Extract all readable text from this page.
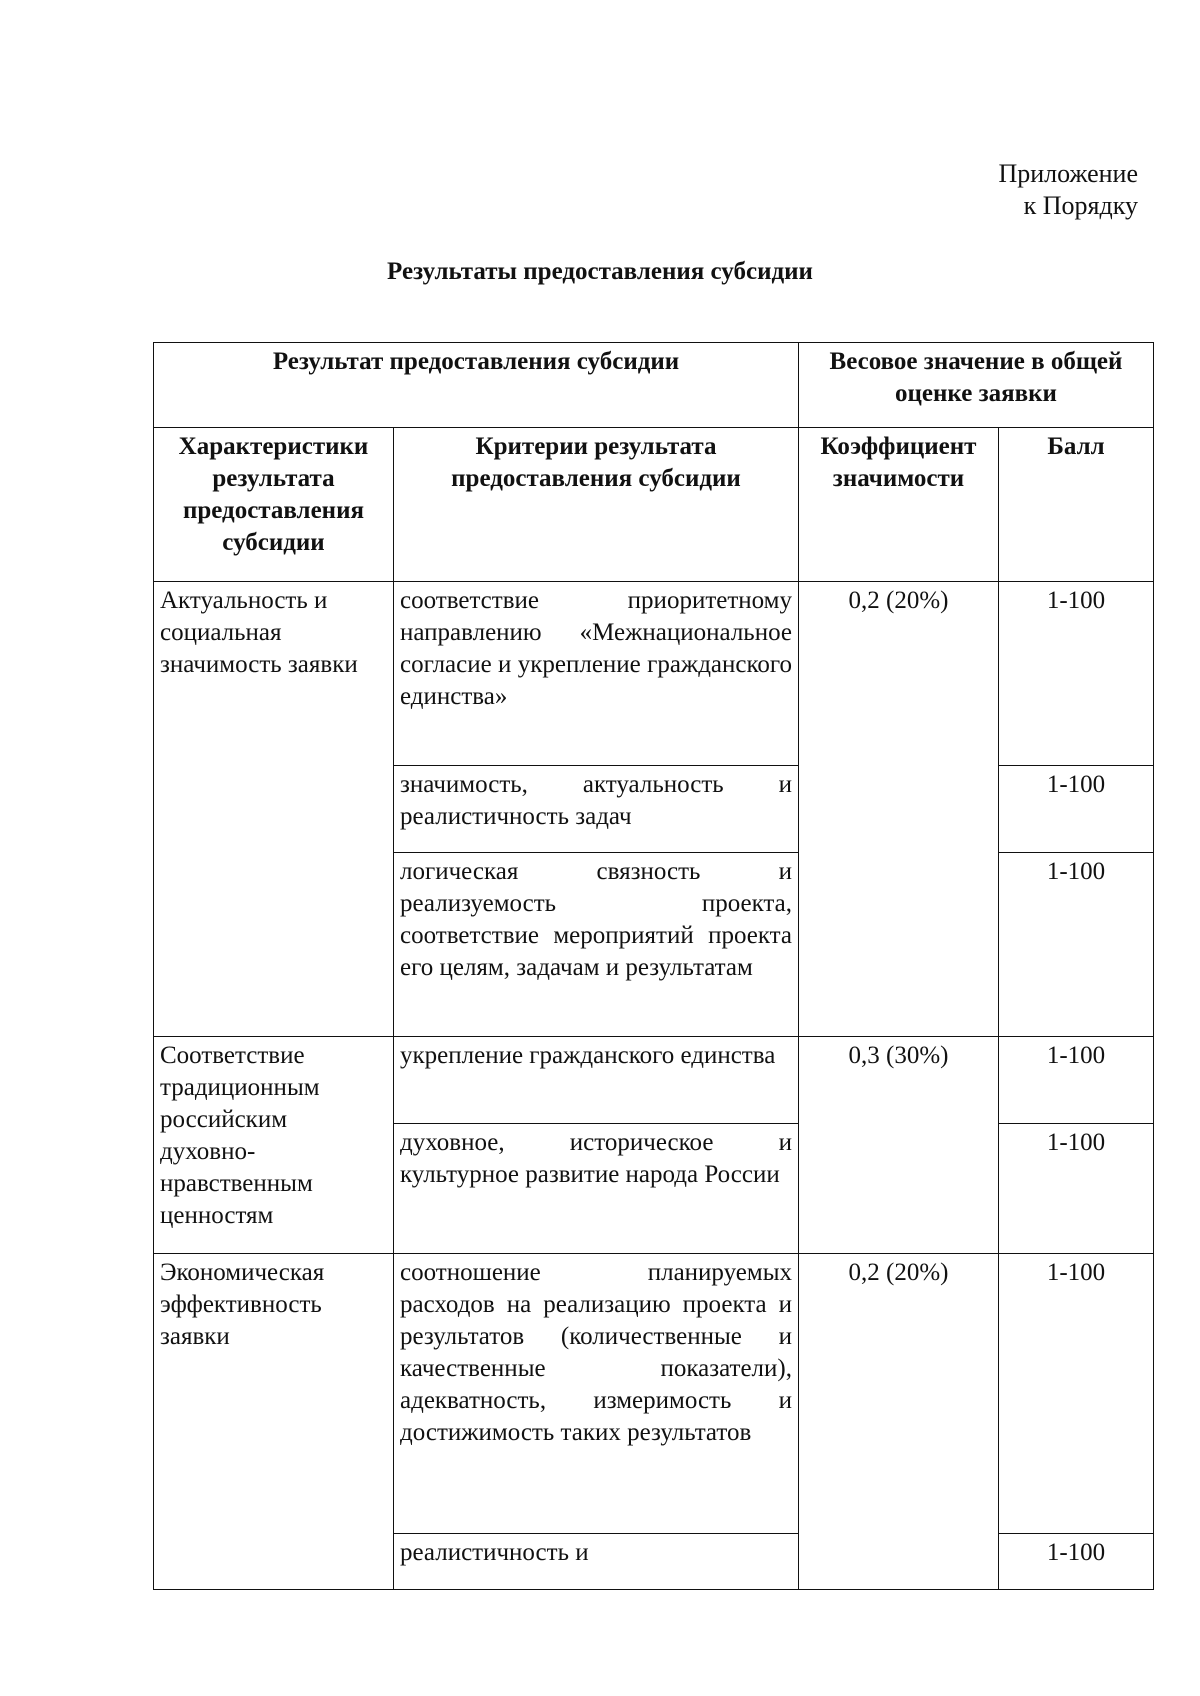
Приложение
к Порядку
Результаты предоставления субсидии
Результат предоставления субсидии		Весовое значение в общей оценке заявки	
Характеристики результата предоставления субсидии	Критерии результата предоставления субсидии	Коэффициент значимости	Балл
Актуальность и социальная значимость заявки	соответствие приоритетному направлению «Межнациональное согласие и укрепление гражданского единства»	0,2 (20%)	1-100
	значимость, актуальность и реалистичность задач		1-100
	логическая связность и реализуемость проекта, соответствие мероприятий проекта его целям, задачам и результатам		1-100
Соответствие традиционным российским духовно-нравственным ценностям	укрепление гражданского единства	0,3 (30%)	1-100
	духовное, историческое и культурное развитие народа России		1-100
Экономическая эффективность заявки	соотношение планируемых расходов на реализацию проекта и результатов (количественные и качественные показатели), адекватность, измеримость и достижимость таких результатов	0,2 (20%)	1-100
	реалистичность и		1-100
